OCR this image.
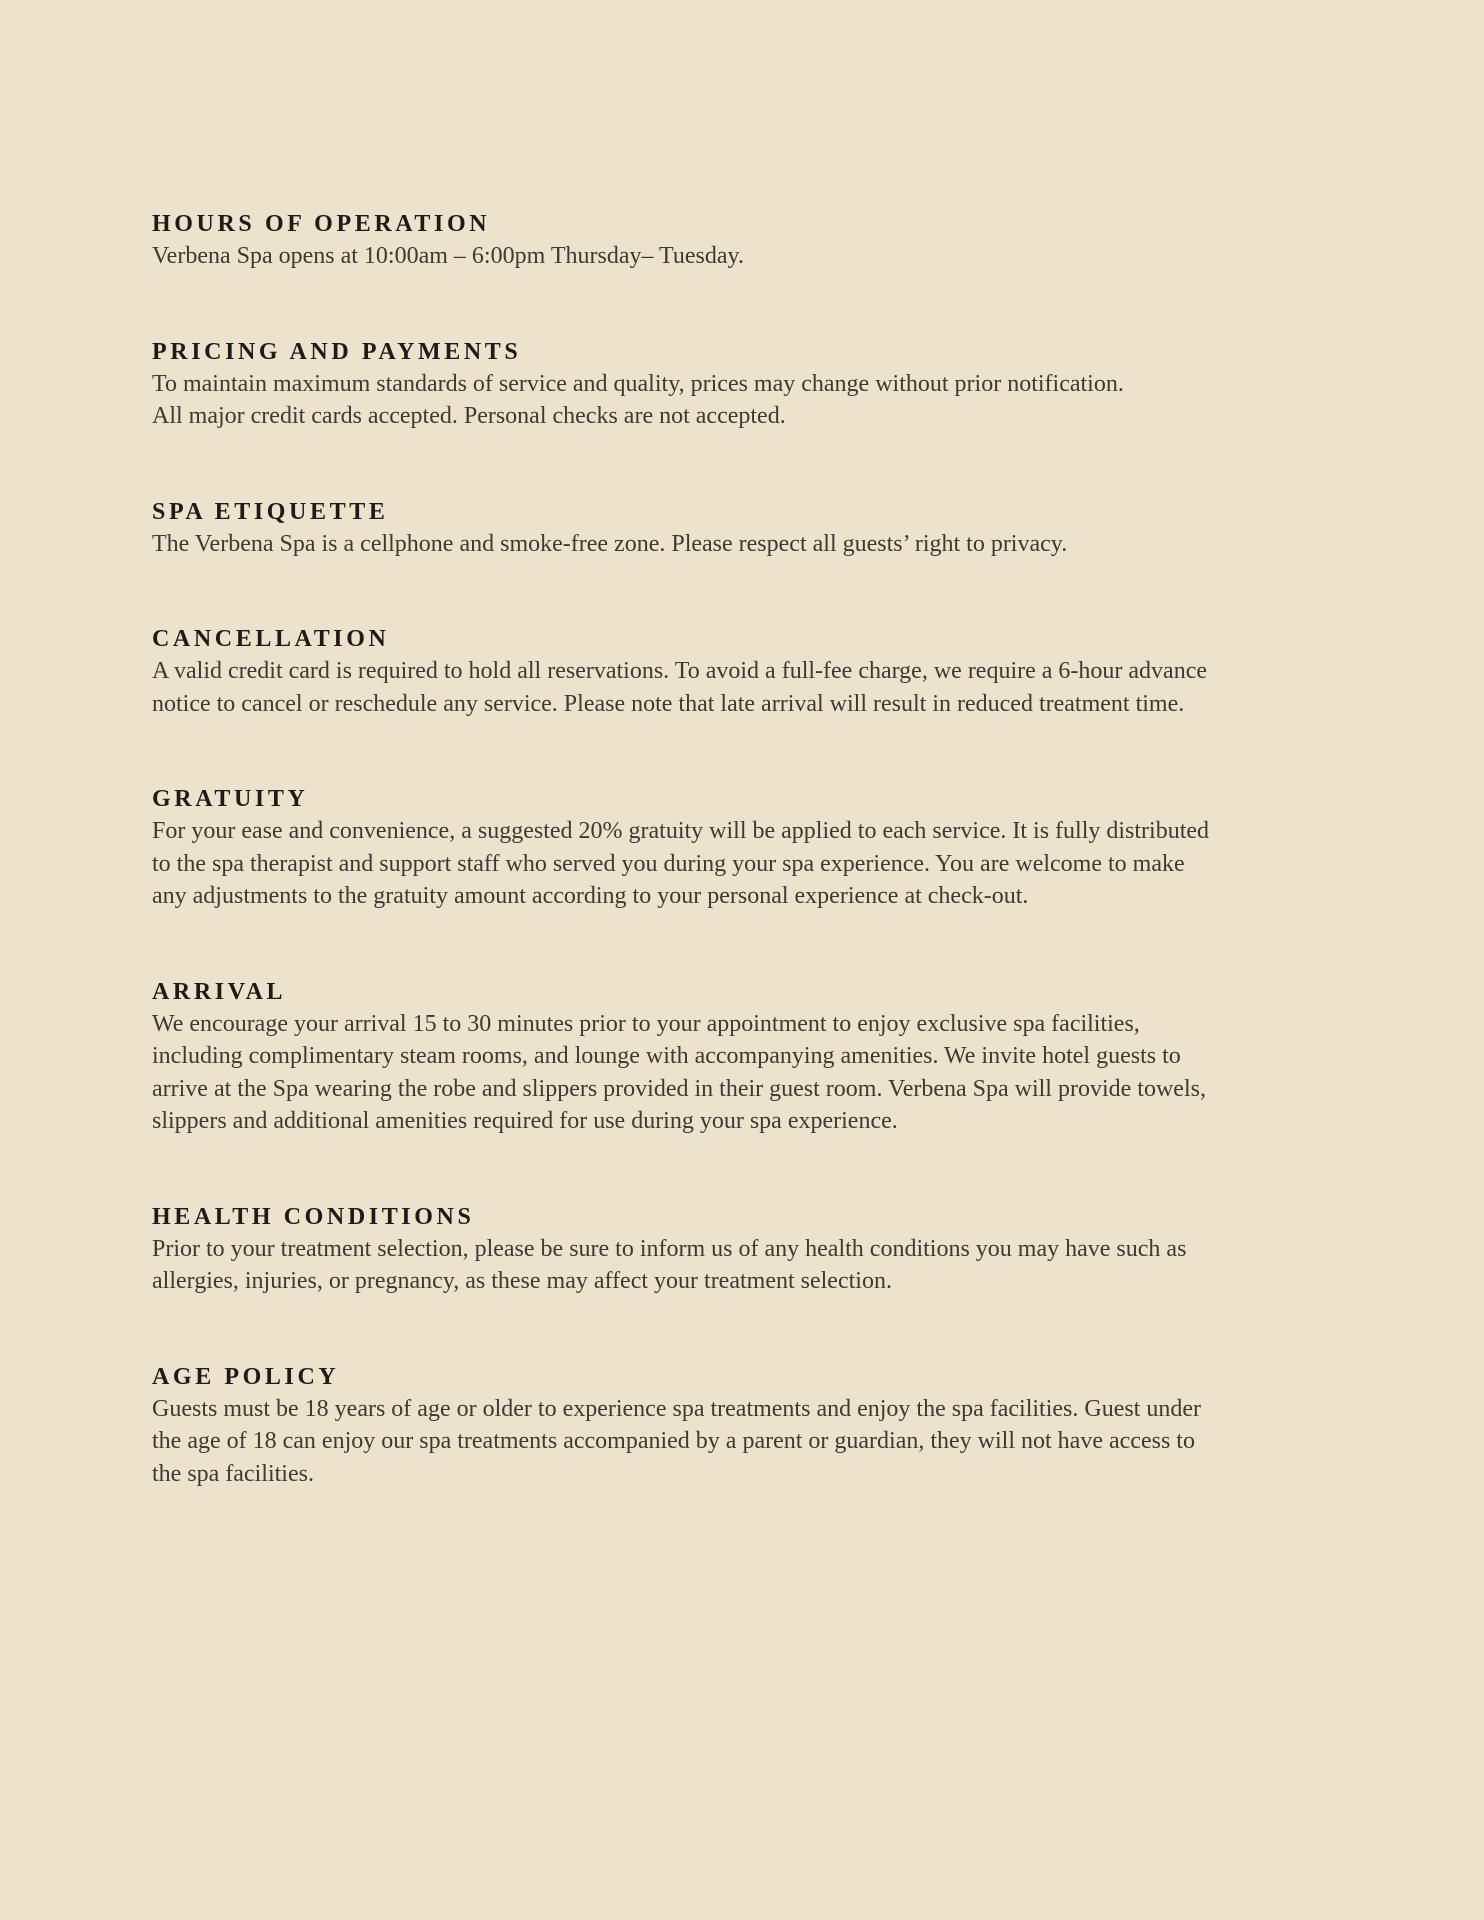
HOURS OF OPERATION

Verbena Spa opens at 10:00am – 6:00pm Thursday– Tuesday.

PRICING AND PAYMENTS

To maintain maximum standards of service and quality, prices may change without prior notification.
All major credit cards accepted. Personal checks are not accepted.

SPA ETIQUETTE

The Verbena Spa is a cellphone and smoke-free zone. Please respect all guests’ right to privacy.

CANCELLATION

A valid credit card is required to hold all reservations. To avoid a full-fee charge, we require a 6-hour advance
notice to cancel or reschedule any service. Please note that late arrival will result in reduced treatment time.

GRATUITY

For your ease and convenience, a suggested 20% gratuity will be applied to each service. It is fully distributed
to the spa therapist and support staff who served you during your spa experience. You are welcome to make
any adjustments to the gratuity amount according to your personal experience at check-out.

ARRIVAL

We encourage your arrival 15 to 30 minutes prior to your appointment to enjoy exclusive spa facilities,
including complimentary steam rooms, and lounge with accompanying amenities. We invite hotel guests to
arrive at the Spa wearing the robe and slippers provided in their guest room. Verbena Spa will provide towels,
slippers and additional amenities required for use during your spa experience.

HEALTH CONDITIONS

Prior to your treatment selection, please be sure to inform us of any health conditions you may have such as
allergies, injuries, or pregnancy, as these may affect your treatment selection.

AGE POLICY

Guests must be 18 years of age or older to experience spa treatments and enjoy the spa facilities. Guest under
the age of 18 can enjoy our spa treatments accompanied by a parent or guardian, they will not have access to
the spa facilities.
